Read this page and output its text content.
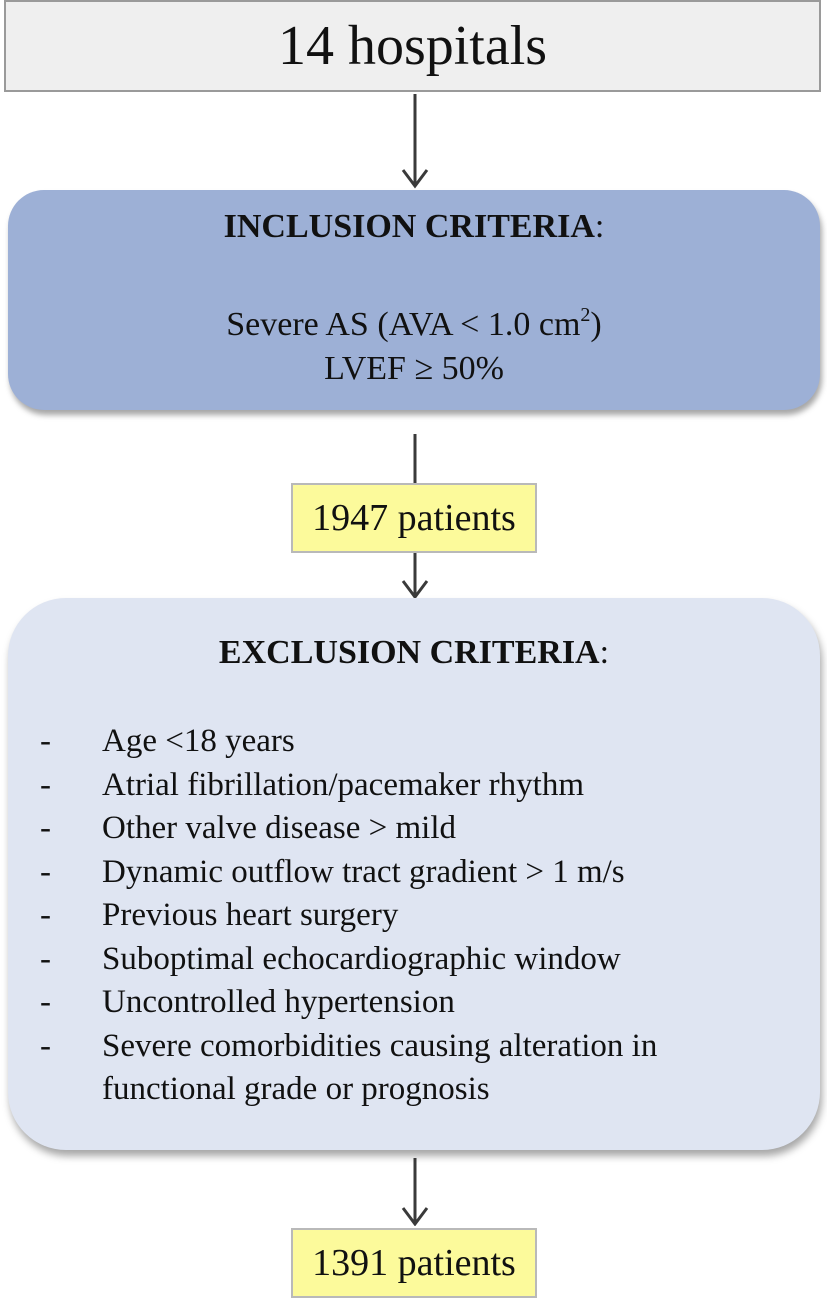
14 hospitals
INCLUSION CRITERIA:
Severe AS (AVA < 1.0 $cm^2$)
LVEF ≥ 50%
1947 patients
EXCLUSION CRITERIA:
-	Age <18 years
-	Atrial fibrillation/pacemaker rhythm
-	Other valve disease > mild
-	Dynamic outflow tract gradient > 1 m/s
-	Previous heart surgery
-	Suboptimal echocardiographic window
-	Uncontrolled hypertension
-	Severe comorbidities causing alteration in functional grade or prognosis
1391 patients
